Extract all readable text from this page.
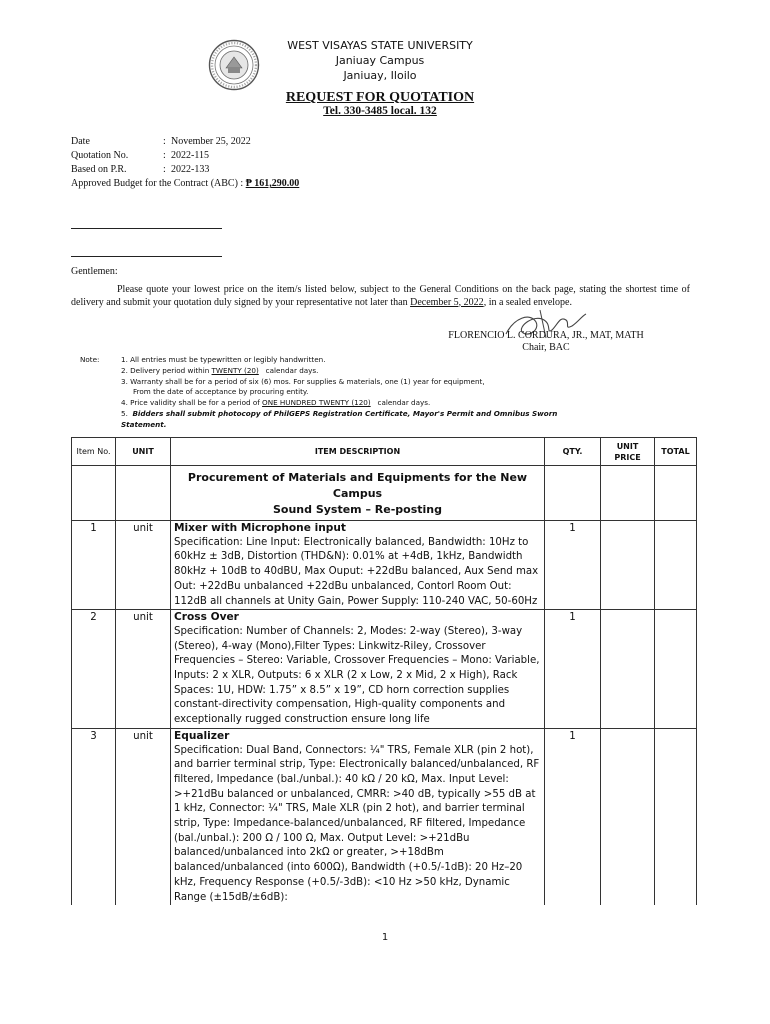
WEST VISAYAS STATE UNIVERSITY
Janiuay Campus
Janiuay, Iloilo
REQUEST FOR QUOTATION
Tel. 330-3485 local. 132
Date	: November 25, 2022
Quotation No.	: 2022-115
Based on P.R.	: 2022-133
Approved Budget for the Contract (ABC) : ₱ 161,290.00
Gentlemen:
Please quote your lowest price on the item/s listed below, subject to the General Conditions on the back page, stating the shortest time of delivery and submit your quotation duly signed by your representative not later than December 5, 2022, in a sealed envelope.
FLORENCIO L. CORDURA, JR., MAT, MATH
Chair, BAC
Note:	1. All entries must be typewritten or legibly handwritten.
2. Delivery period within TWENTY (20) calendar days.
3. Warranty shall be for a period of six (6) mos. For supplies & materials, one (1) year for equipment,
From the date of acceptance by procuring entity.
4. Price validity shall be for a period of ONE HUNDRED TWENTY (120) calendar days.
5. Bidders shall submit photocopy of PhilGEPS Registration Certificate, Mayor's Permit and Omnibus Sworn
Statement.
Item No.	UNIT	ITEM DESCRIPTION	QTY.	UNIT PRICE	TOTAL

		Procurement of Materials and Equipments for the New Campus
Sound System – Re-posting			

1	unit	Mixer with Microphone input
Specification: Line Input: Electronically balanced, Bandwidth: 10Hz to 60kHz ± 3dB, Distortion (THD&N): 0.01% at +4dB, 1kHz, Bandwidth 80kHz + 10dB to 40dBU, Max Ouput: +22dBu balanced, Aux Send max Out: +22dBu unbalanced +22dBu unbalanced, Contorl Room Out: 112dB all channels at Unity Gain, Power Supply: 110-240 VAC, 50-60Hz	1		
2	unit	Cross Over
Specification: Number of Channels: 2, Modes: 2-way (Stereo), 3-way (Stereo), 4-way (Mono),Filter Types: Linkwitz-Riley, Crossover Frequencies – Stereo: Variable, Crossover Frequencies – Mono: Variable, Inputs: 2 x XLR, Outputs: 6 x XLR (2 x Low, 2 x Mid, 2 x High), Rack Spaces: 1U, HDW: 1.75” x 8.5” x 19”, CD horn correction supplies constant-directivity compensation, High-quality components and exceptionally rugged construction ensure long life	1		
3	unit	Equalizer
Specification: Dual Band, Connectors: ¼" TRS, Female XLR (pin 2 hot), and barrier terminal strip, Type: Electronically balanced/unbalanced, RF filtered, Impedance (bal./unbal.): 40 kΩ / 20 kΩ, Max. Input Level: >+21dBu balanced or unbalanced, CMRR: >40 dB, typically >55 dB at 1 kHz, Connector: ¼" TRS, Male XLR (pin 2 hot), and barrier terminal strip, Type: Impedance-balanced/unbalanced, RF filtered, Impedance (bal./unbal.): 200 Ω / 100 Ω, Max. Output Level: >+21dBu balanced/unbalanced into 2kΩ or greater, >+18dBm balanced/unbalanced (into 600Ω), Bandwidth (+0.5/-1dB): 20 Hz–20 kHz, Frequency Response (+0.5/-3dB): <10 Hz >50 kHz, Dynamic Range (±15dB/±6dB):	1		
1
